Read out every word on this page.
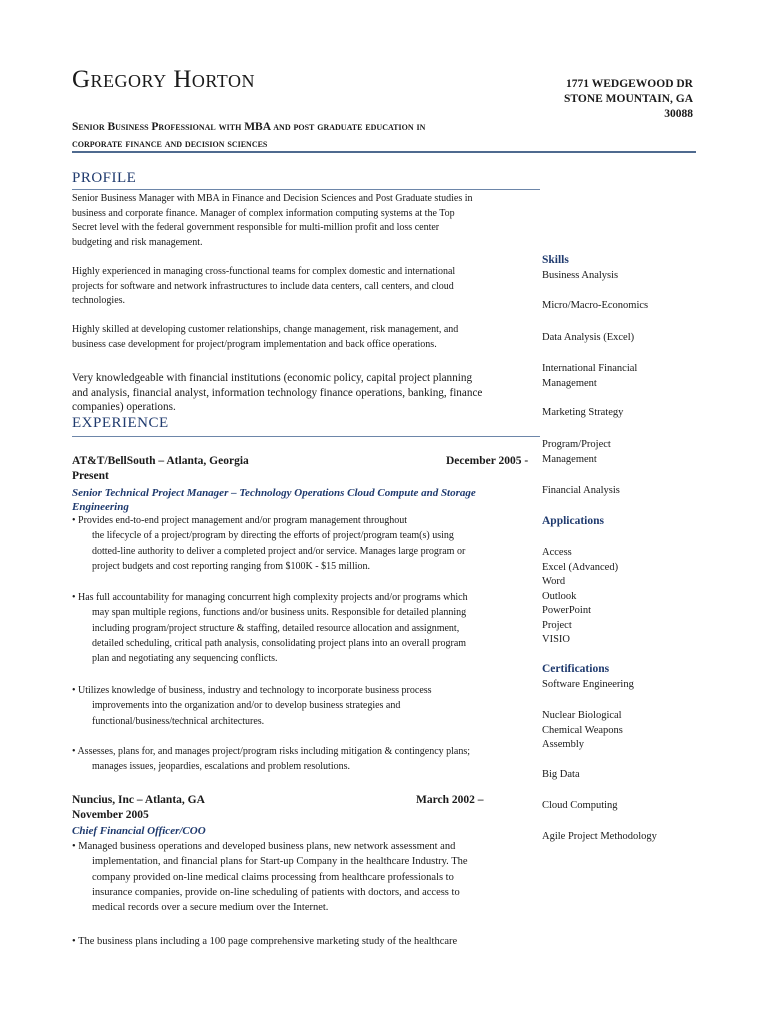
Gregory Horton	1771 WEDGEWOOD DR
STONE MOUNTAIN, GA
30088
Senior Business Professional with MBA and post graduate education in
corporate finance and decision sciences
PROFILE
Senior Business Manager with MBA in Finance and Decision Sciences and Post Graduate studies in
business and corporate finance. Manager of complex information computing systems at the Top
Secret level with the federal government responsible for multi-million profit and loss center
budgeting and risk management.
Highly experienced in managing cross-functional teams for complex domestic and international
projects for software and network infrastructures to include data centers, call centers, and cloud
technologies.
Highly skilled at developing customer relationships, change management, risk management, and
business case development for project/program implementation and back office operations.
Very knowledgeable with financial institutions (economic policy, capital project planning
and analysis, financial analyst, information technology finance operations, banking, finance
companies) operations.
EXPERIENCE
AT&T/BellSouth – Atlanta, Georgia	December 2005 -
Present
Senior Technical Project Manager – Technology Operations Cloud Compute and Storage
Engineering
• Provides end-to-end project management and/or program management throughout
the lifecycle of a project/program by directing the efforts of project/program team(s) using
dotted-line authority to deliver a completed project and/or service. Manages large program or
project budgets and cost reporting ranging from $100K - $15 million.
• Has full accountability for managing concurrent high complexity projects and/or programs which
may span multiple regions, functions and/or business units. Responsible for detailed planning
including program/project structure & staffing, detailed resource allocation and assignment,
detailed scheduling, critical path analysis, consolidating project plans into an overall program
plan and negotiating any sequencing conflicts.
• Utilizes knowledge of business, industry and technology to incorporate business process
improvements into the organization and/or to develop business strategies and
functional/business/technical architectures.
• Assesses, plans for, and manages project/program risks including mitigation & contingency plans;
manages issues, jeopardies, escalations and problem resolutions.
Nuncius, Inc – Atlanta, GA	March 2002 –
November 2005
Chief Financial Officer/COO
• Managed business operations and developed business plans, new network assessment and
implementation, and financial plans for Start-up Company in the healthcare Industry. The
company provided on-line medical claims processing from healthcare professionals to
insurance companies, provide on-line scheduling of patients with doctors, and access to
medical records over a secure medium over the Internet.
• The business plans including a 100 page comprehensive marketing study of the healthcare
Skills
Business Analysis
Micro/Macro-Economics
Data Analysis (Excel)
International Financial
Management
Marketing Strategy
Program/Project
Management
Financial Analysis
Applications
Access
Excel (Advanced)
Word
Outlook
PowerPoint
Project
VISIO
Certifications
Software Engineering
Nuclear Biological
Chemical Weapons
Assembly
Big Data
Cloud Computing
Agile Project Methodology
